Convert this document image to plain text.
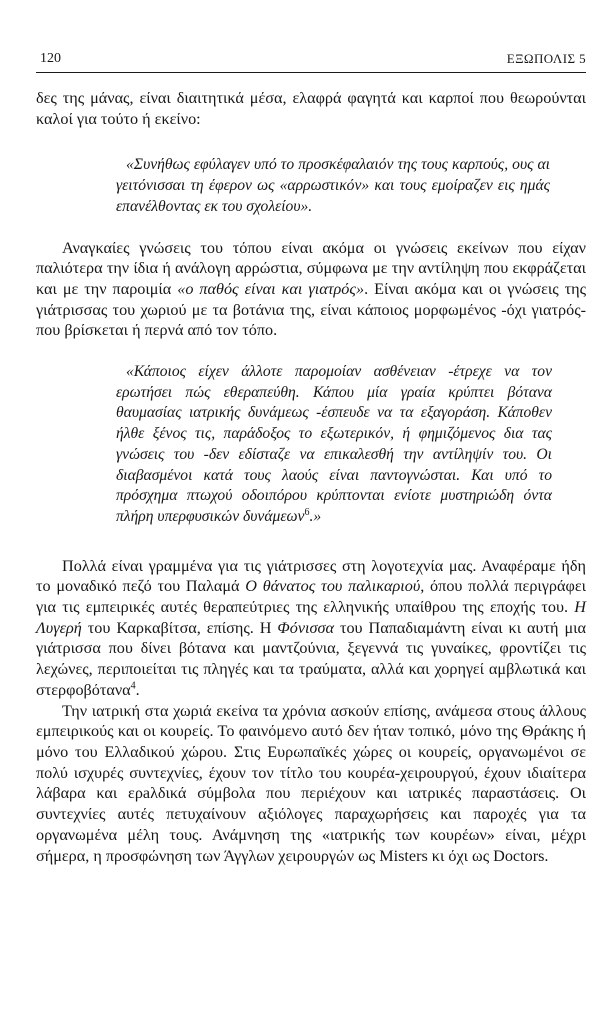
120	ΕΞΩΠΟΛΙΣ 5

δες της μάνας, είναι διαιτητικά μέσα, ελαφρά φαγητά και καρποί που θεωρούνται καλοί για τούτο ή εκείνο:

«Συνήθως εφύλαγεν υπό το προσκέφαλαιόν της τους καρπούς, ους αι γειτόνισσαι τη έφερον ως «αρρωστικόν» και τους εμοίραζεν εις ημάς επανέλθοντας εκ του σχολείου».

Αναγκαίες γνώσεις του τόπου είναι ακόμα οι γνώσεις εκείνων που είχαν παλιότερα την ίδια ή ανάλογη αρρώστια, σύμφωνα με την αντίληψη που εκφράζεται και με την παροιμία «ο παθός είναι και γιατρός». Είναι ακόμα και οι γνώσεις της γιάτρισσας του χωριού με τα βοτάνια της, είναι κάποιος μορφωμένος -όχι γιατρός- που βρίσκεται ή περνά από τον τόπο.

«Κάποιος είχεν άλλοτε παρομοίαν ασθένειαν -έτρεχε να τον ερωτήσει πώς εθεραπεύθη. Κάπου μία γραία κρύπτει βότανα θαυμασίας ιατρικής δυνάμεως -έσπευδε να τα εξαγοράση. Κάποθεν ήλθε ξένος τις, παράδοξος το εξωτερικόν, ή φημιζόμενος δια τας γνώσεις του -δεν εδίσταζε να επικαλεσθή την αντίληψίν του. Οι διαβασμένοι κατά τους λαούς είναι παντογνώσται. Και υπό το πρόσχημα πτωχού οδοιπόρου κρύπτονται ενίοτε μυστηριώδη όντα πλήρη υπερφυσικών δυνάμεων$^6$.»

Πολλά είναι γραμμένα για τις γιάτρισσες στη λογοτεχνία μας. Αναφέραμε ήδη το μοναδικό πεζό του Παλαμά Ο θάνατος του παλικαριού, όπου πολλά περιγράφει για τις εμπειρικές αυτές θεραπεύτριες της ελληνικής υπαίθρου της εποχής του. Η Λυγερή του Καρκαβίτσα, επίσης. Η Φόνισσα του Παπαδιαμάντη είναι κι αυτή μια γιάτρισσα που δίνει βότανα και μαντζούνια, ξεγεννά τις γυναίκες, φροντίζει τις λεχώνες, περιποιείται τις πληγές και τα τραύματα, αλλά και χορηγεί αμβλωτικά και στερφοβότανα$^4$.

Την ιατρική στα χωριά εκείνα τα χρόνια ασκούν επίσης, ανάμεσα στους άλλους εμπειρικούς και οι κουρείς. Το φαινόμενο αυτό δεν ήταν τοπικό, μόνο της Θράκης ή μόνο του Ελλαδικού χώρου. Στις Ευρωπαϊκές χώρες οι κουρείς, οργανωμένοι σε πολύ ισχυρές συντεχνίες, έχουν τον τίτλο του κουρέα-χειρουργού, έχουν ιδιαίτερα λάβαρα και ερaλδικά σύμβολα που περιέχουν και ιατρικές παραστάσεις. Οι συντεχνίες αυτές πετυχαίνουν αξιόλογες παραχωρήσεις και παροχές για τα οργανωμένα μέλη τους. Ανάμνηση της «ιατρικής των κουρέων» είναι, μέχρι σήμερα, η προσφώνηση των Άγγλων χειρουργών ως Misters κι όχι ως Doctors.
